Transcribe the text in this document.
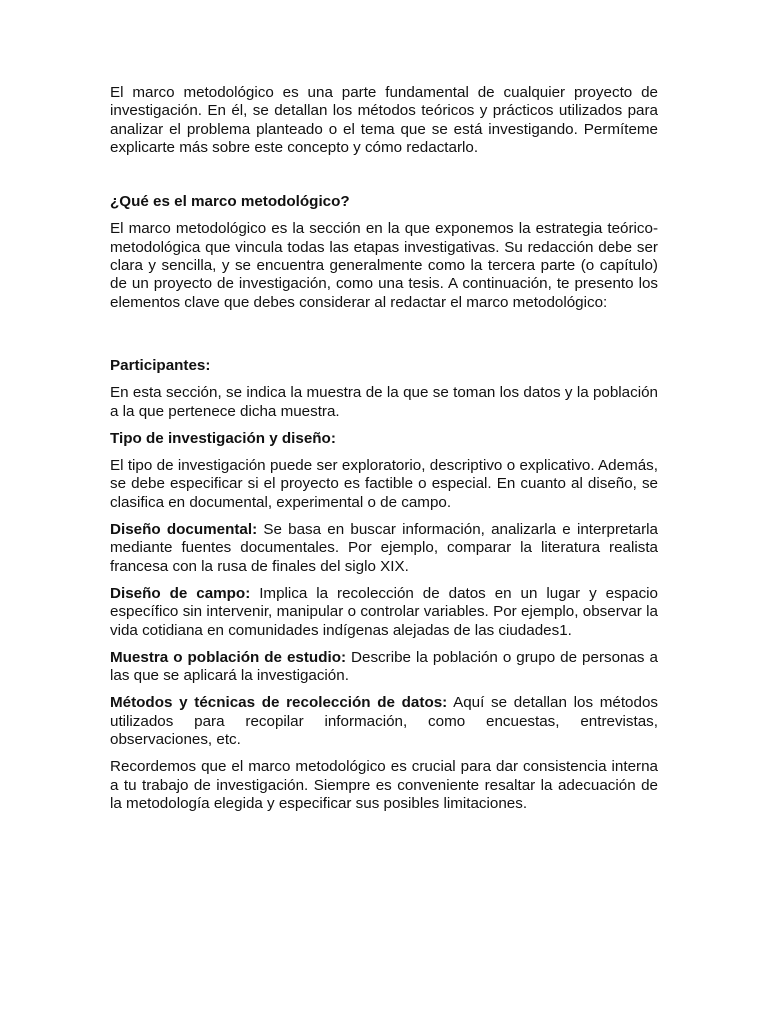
El marco metodológico es una parte fundamental de cualquier proyecto de investigación. En él, se detallan los métodos teóricos y prácticos utilizados para analizar el problema planteado o el tema que se está investigando. Permíteme explicarte más sobre este concepto y cómo redactarlo.

¿Qué es el marco metodológico?

El marco metodológico es la sección en la que exponemos la estrategia teórico-metodológica que vincula todas las etapas investigativas. Su redacción debe ser clara y sencilla, y se encuentra generalmente como la tercera parte (o capítulo) de un proyecto de investigación, como una tesis. A continuación, te presento los elementos clave que debes considerar al redactar el marco metodológico:

Participantes:

En esta sección, se indica la muestra de la que se toman los datos y la población a la que pertenece dicha muestra.

Tipo de investigación y diseño:

El tipo de investigación puede ser exploratorio, descriptivo o explicativo. Además, se debe especificar si el proyecto es factible o especial. En cuanto al diseño, se clasifica en documental, experimental o de campo.

Diseño documental: Se basa en buscar información, analizarla e interpretarla mediante fuentes documentales. Por ejemplo, comparar la literatura realista francesa con la rusa de finales del siglo XIX.

Diseño de campo: Implica la recolección de datos en un lugar y espacio específico sin intervenir, manipular o controlar variables. Por ejemplo, observar la vida cotidiana en comunidades indígenas alejadas de las ciudades1.

Muestra o población de estudio: Describe la población o grupo de personas a las que se aplicará la investigación.

Métodos y técnicas de recolección de datos: Aquí se detallan los métodos utilizados para recopilar información, como encuestas, entrevistas, observaciones, etc.

Recordemos que el marco metodológico es crucial para dar consistencia interna a tu trabajo de investigación. Siempre es conveniente resaltar la adecuación de la metodología elegida y especificar sus posibles limitaciones.
